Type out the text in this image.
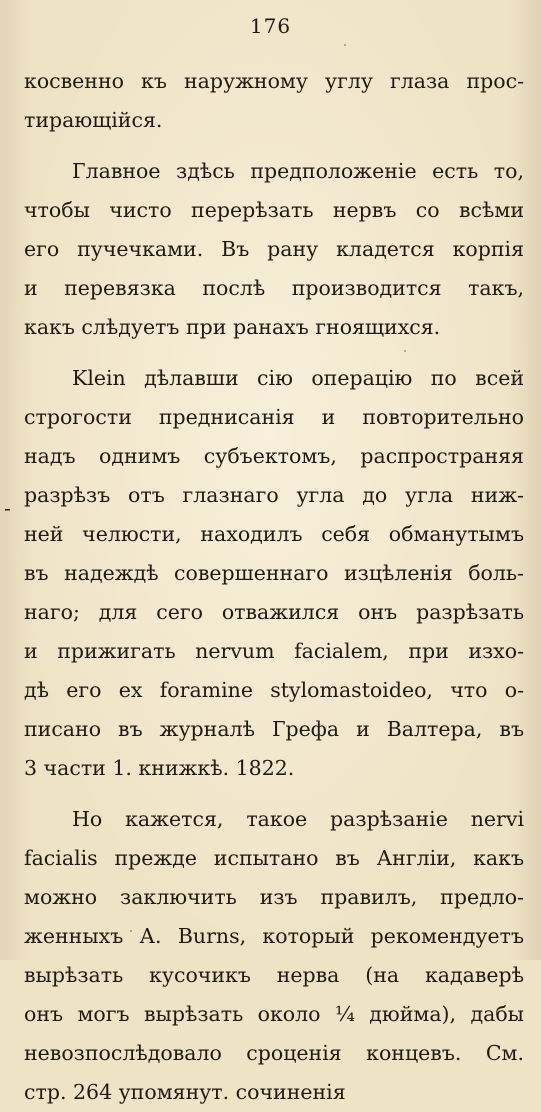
176
-
косвенно къ наружному углу глаза прос-
тирающійся.
Главное здѣсь предположеніе есть то,
чтобы чисто перерѣзать нервъ со всѣми
его пучечками. Въ рану кладется корпія
и перевязка послѣ производится такъ,
какъ слѣдуетъ при ранахъ гноящихся.
Klein дѣлавши сію операцію по всей
строгости преднисанія и повторительно
надъ однимъ субъектомъ, распространяя
разрѣзъ отъ глазнаго угла до угла ниж-
ней челюсти, находилъ себя обманутымъ
въ надеждѣ совершеннаго изцѣленія боль-
наго; для сего отважился онъ разрѣзать
и прижигать nervum facialem, при изхо-
дѣ его ex foramine stylomastoideo, что о-
писано въ журналѣ Грефа и Валтера, въ
3 части 1. книжкѣ. 1822.
Но кажется, такое разрѣзаніе nervi
facialis прежде испытано въ Англіи, какъ
можно заключить изъ правилъ, предло-
женныхъ А. Burns, который рекомендуетъ
вырѣзать кусочикъ нерва (на кадаверѣ
онъ могъ вырѣзать около ¼ дюйма), дабы
невозпослѣдовало сроценія концевъ. См.
стр. 264 упомянут. сочиненія
